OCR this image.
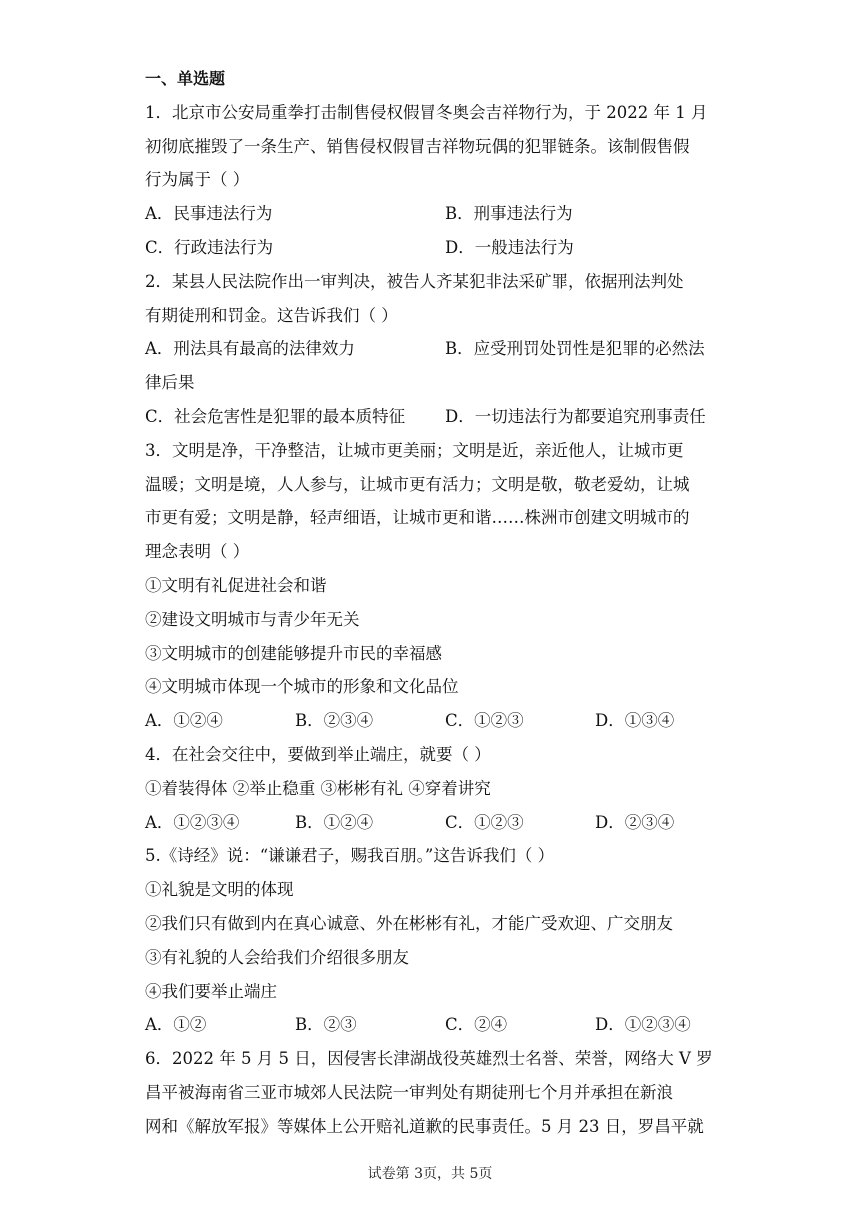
一、单选题
1．北京市公安局重拳打击制售侵权假冒冬奥会吉祥物行为，于 2022 年 1 月
初彻底摧毁了一条生产、销售侵权假冒吉祥物玩偶的犯罪链条。该制假售假
行为属于（ ）
A．民事违法行为	B．刑事违法行为
C．行政违法行为	D．一般违法行为
2．某县人民法院作出一审判决，被告人齐某犯非法采矿罪，依据刑法判处
有期徒刑和罚金。这告诉我们（ ）
A．刑法具有最高的法律效力	B．应受刑罚处罚性是犯罪的必然法
律后果
C．社会危害性是犯罪的最本质特征	D．一切违法行为都要追究刑事责任
3．文明是净，干净整洁，让城市更美丽；文明是近，亲近他人，让城市更
温暖；文明是境，人人参与，让城市更有活力；文明是敬，敬老爱幼，让城
市更有爱；文明是静，轻声细语，让城市更和谐……株洲市创建文明城市的
理念表明（ ）
①文明有礼促进社会和谐
②建设文明城市与青少年无关
③文明城市的创建能够提升市民的幸福感
④文明城市体现一个城市的形象和文化品位
A．①②④	B．②③④	C．①②③	D．①③④
4．在社会交往中，要做到举止端庄，就要（ ）
①着装得体 ②举止稳重 ③彬彬有礼 ④穿着讲究
A．①②③④	B．①②④	C．①②③	D．②③④
5.《诗经》说：“谦谦君子，赐我百朋。”这告诉我们（ ）
①礼貌是文明的体现
②我们只有做到内在真心诚意、外在彬彬有礼，才能广受欢迎、广交朋友
③有礼貌的人会给我们介绍很多朋友
④我们要举止端庄
A．①②	B．②③	C．②④	D．①②③④
6．2022 年 5 月 5 日，因侵害长津湖战役英雄烈士名誉、荣誉，网络大 V 罗
昌平被海南省三亚市城郊人民法院一审判处有期徒刑七个月并承担在新浪
网和《解放军报》等媒体上公开赔礼道歉的民事责任。5 月 23 日，罗昌平就
试卷第 3页，共 5页
